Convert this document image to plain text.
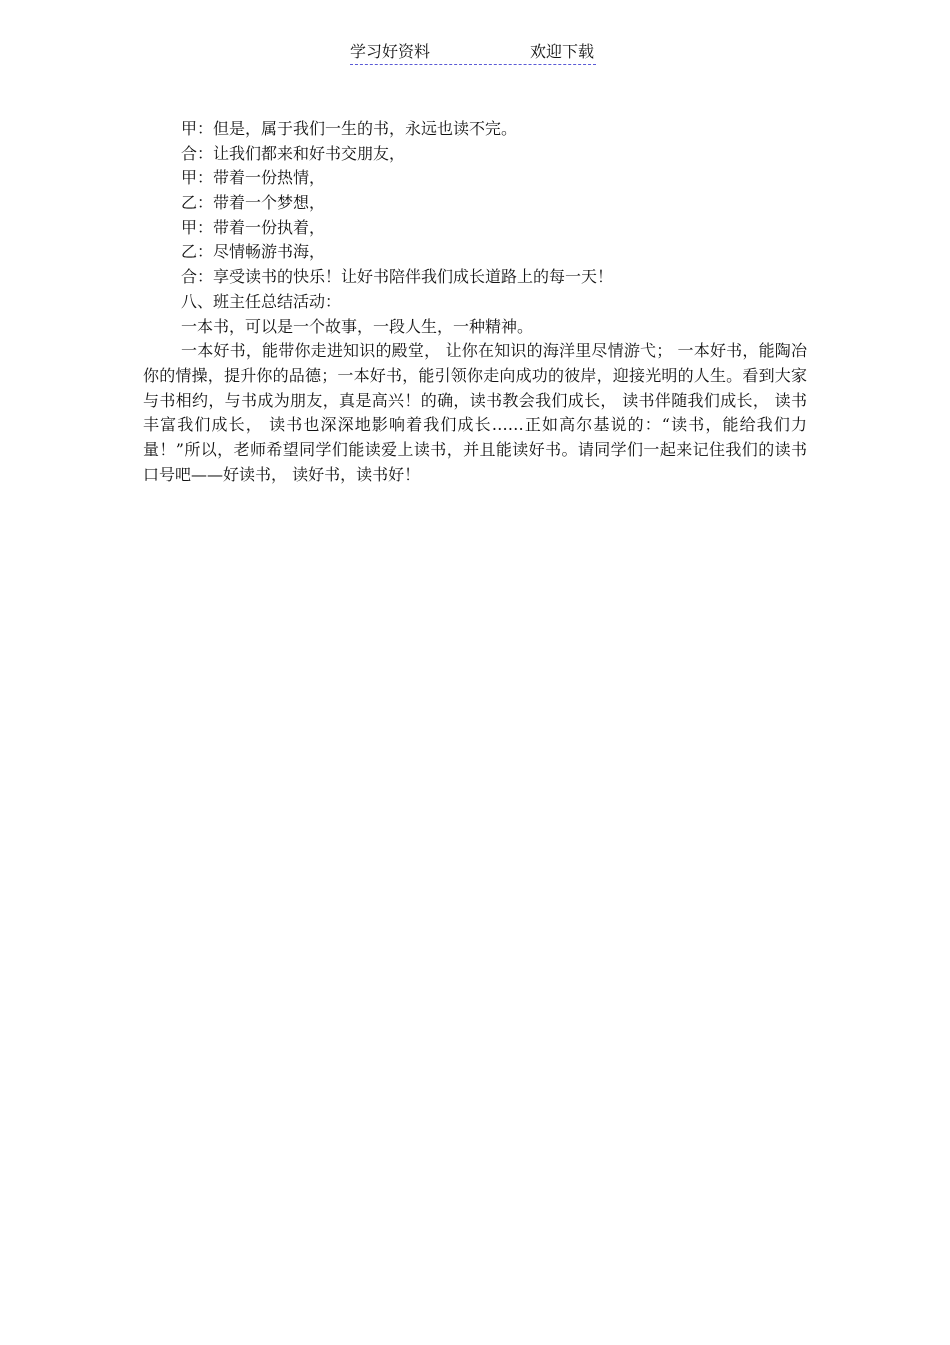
学习好资料	欢迎下载
甲：但是，属于我们一生的书，永远也读不完。
合：让我们都来和好书交朋友，
甲：带着一份热情，
乙：带着一个梦想，
甲：带着一份执着，
乙：尽情畅游书海，
合：享受读书的快乐！让好书陪伴我们成长道路上的每一天！
八、班主任总结活动：
一本书，可以是一个故事，一段人生，一种精神。

一本好书，能带你走进知识的殿堂， 让你在知识的海洋里尽情游弋； 一本好书，能陶冶你的情操，提升你的品德；一本好书，能引领你走向成功的彼岸，迎接光明的人生。看到大家与书相约，与书成为朋友，真是高兴！的确，读书教会我们成长， 读书伴随我们成长， 读书丰富我们成长， 读书也深深地影响着我们成长……正如高尔基说的：“读书，能给我们力量！”所以，老师希望同学们能读爱上读书，并且能读好书。请同学们一起来记住我们的读书口号吧——好读书， 读好书，读书好！
